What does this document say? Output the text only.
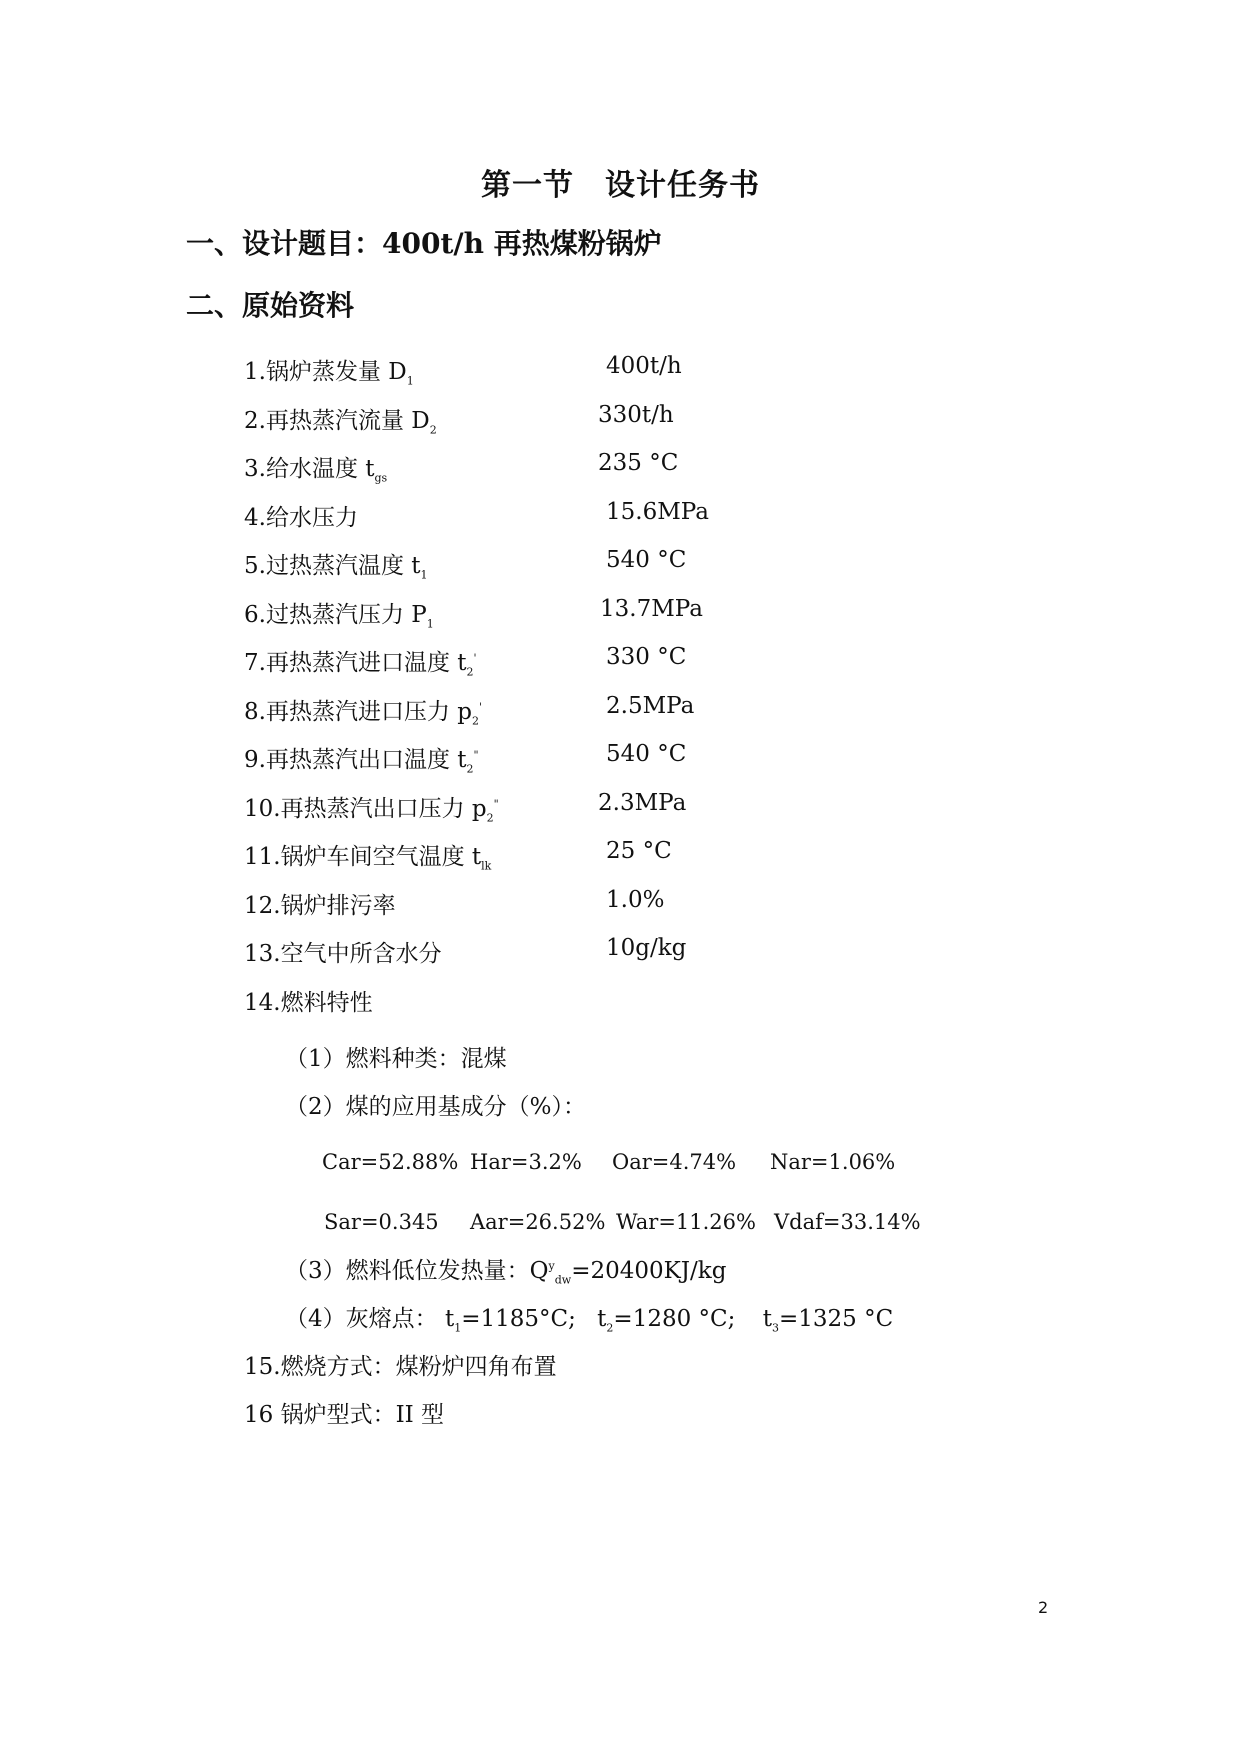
第一节　设计任务书
一、设计题目：400t/h 再热煤粉锅炉
二、原始资料
1.锅炉蒸发量 $D_1$
400t/h
2.再热蒸汽流量 $D_2$
330t/h
3.给水温度 $t_{gs}$
235 °C
4.给水压力	15.6MPa
5.过热蒸汽温度 $t_1$
540 °C
6.过热蒸汽压力 $P_1$
13.7MPa
7.再热蒸汽进口温度 $t_2'$	330 °C
8.再热蒸汽进口压力 $p_2'$	2.5MPa
9.再热蒸汽出口温度 $t_2^"$	540 °C
10.再热蒸汽出口压力 $p_2^"$	2.3MPa
11.锅炉车间空气温度 $t_{lk}$
25 °C
12.锅炉排污率	1.0%
13.空气中所含水分	10g/kg
14.燃料特性
（1）燃料种类：混煤
（2）煤的应用基成分（%）：
Car=52.88% Har=3.2% Oar=4.74% Nar=1.06%
Sar=0.345 Aar=26.52% War=11.26% Vdaf=33.14%
（3）燃料低位发热量：$Q^y_{dw}=20400KJ/kg$
（4）灰熔点： $t_1=1185^\circ C$; $t_2=1280$ °C; $t_3=1325$ °C
15.燃烧方式：煤粉炉四角布置
16 锅炉型式：II 型
2
